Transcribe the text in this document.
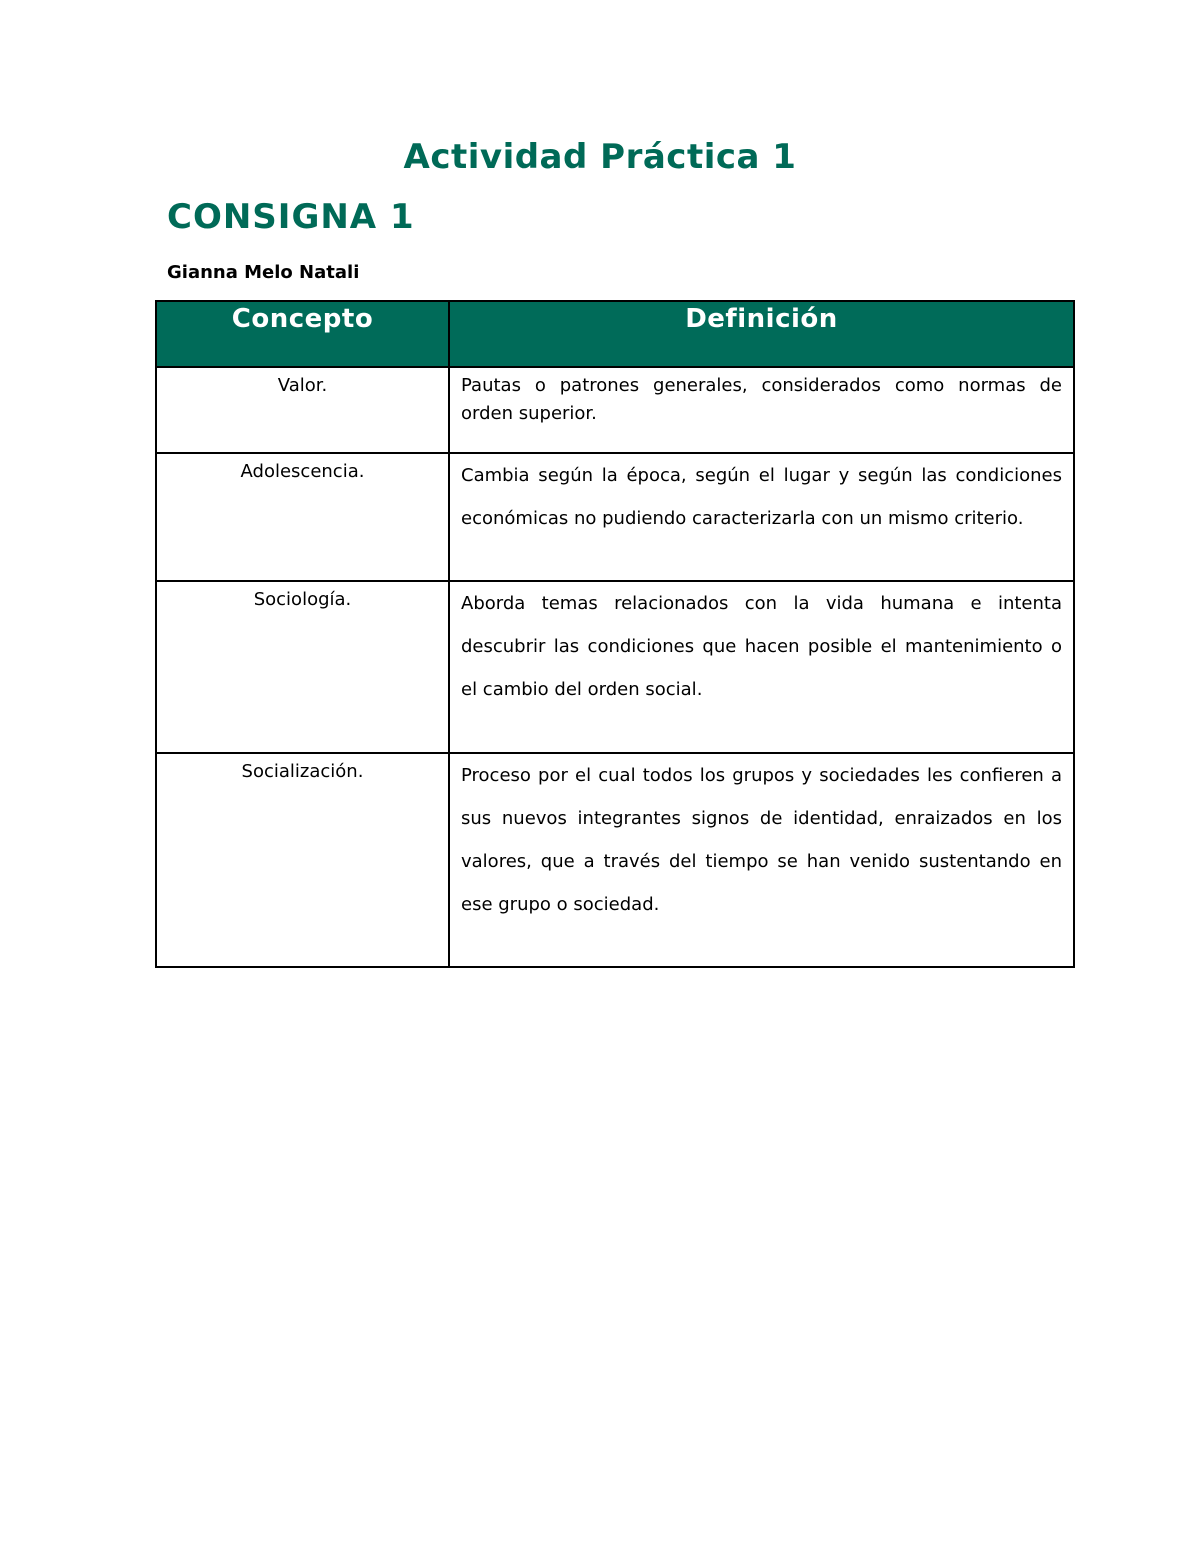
Actividad Práctica 1
CONSIGNA 1

Gianna Melo Natali

Concepto	Definición
Valor.	Pautas o patrones generales, considerados como normas de orden superior.
Adolescencia.	Cambia según la época, según el lugar y según las condiciones económicas no pudiendo caracterizarla con un mismo criterio.
Sociología.	Aborda temas relacionados con la vida humana e intenta descubrir las condiciones que hacen posible el mantenimiento o el cambio del orden social.
Socialización.	Proceso por el cual todos los grupos y sociedades les confieren a sus nuevos integrantes signos de identidad, enraizados en los valores, que a través del tiempo se han venido sustentando en ese grupo o sociedad.
